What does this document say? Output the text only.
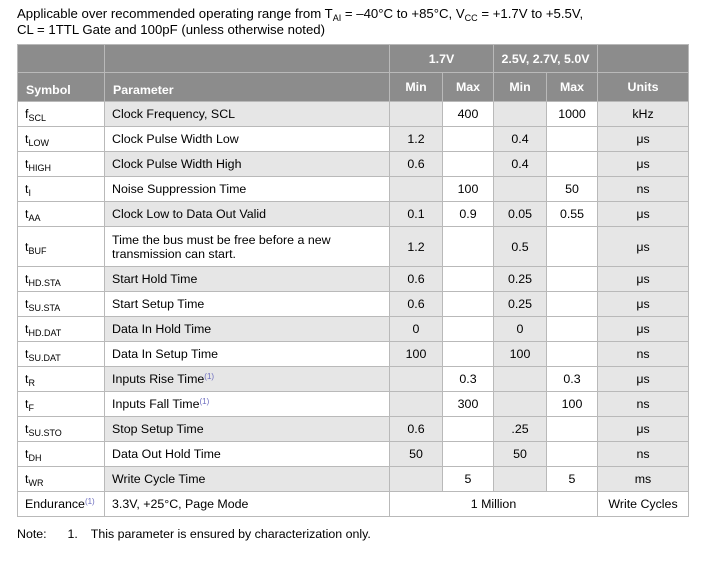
Applicable over recommended operating range from $T_{AI} = -40^\circ C$ to +85°C, $V_{CC} = +1.7V$ to +5.5V,
CL = 1TTL Gate and 100pF (unless otherwise noted)
		1.7V		2.5V, 2.7V, 5.0V		
Symbol	Parameter	Min	Max	Min	Max	Units
$f_{SCL}$	Clock Frequency, SCL		400		1000	kHz
$t_{LOW}$	Clock Pulse Width Low	1.2		0.4		μs
$t_{HIGH}$	Clock Pulse Width High	0.6		0.4		μs
$t_I$	Noise Suppression Time		100		50	ns
$t_{AA}$	Clock Low to Data Out Valid	0.1	0.9	0.05	0.55	μs
$t_{BUF}$	Time the bus must be free before a new
transmission can start.	1.2		0.5		μs
$t_{HD.STA}$	Start Hold Time	0.6		0.25		μs
$t_{SU.STA}$	Start Setup Time	0.6		0.25		μs
$t_{HD.DAT}$	Data In Hold Time	0		0		μs
$t_{SU.DAT}$	Data In Setup Time	100		100		ns
$t_R$	Inputs Rise Time$^{(1)}$		0.3		0.3	μs
$t_F$	Inputs Fall Time$^{(1)}$		300		100	ns
$t_{SU.STO}$	Stop Setup Time	0.6		.25		μs
$t_{DH}$	Data Out Hold Time	50		50		ns
$t_{WR}$	Write Cycle Time		5		5	ms
Endurance$^{(1)}$	3.3V, +25°C, Page Mode	1 Million				Write Cycles
Note: 1. This parameter is ensured by characterization only.
